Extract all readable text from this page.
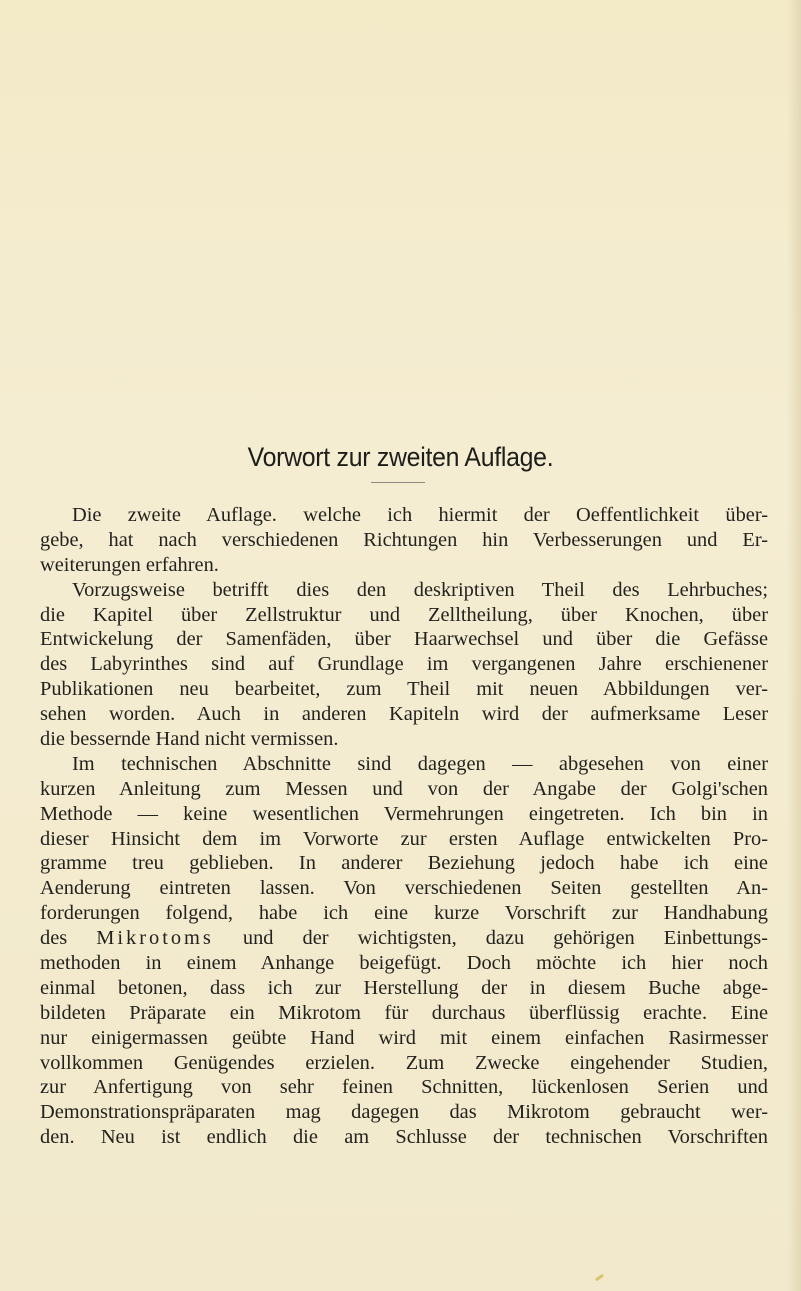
Vorwort zur zweiten Auflage.
Die zweite Auflage. welche ich hiermit der Oeffentlichkeit über-
gebe, hat nach verschiedenen Richtungen hin Verbesserungen und Er-
weiterungen erfahren.
Vorzugsweise betrifft dies den deskriptiven Theil des Lehrbuches;
die Kapitel über Zellstruktur und Zelltheilung, über Knochen, über
Entwickelung der Samenfäden, über Haarwechsel und über die Gefässe
des Labyrinthes sind auf Grundlage im vergangenen Jahre erschienener
Publikationen neu bearbeitet, zum Theil mit neuen Abbildungen ver-
sehen worden. Auch in anderen Kapiteln wird der aufmerksame Leser
die bessernde Hand nicht vermissen.
Im technischen Abschnitte sind dagegen — abgesehen von einer
kurzen Anleitung zum Messen und von der Angabe der Golgi'schen
Methode — keine wesentlichen Vermehrungen eingetreten. Ich bin in
dieser Hinsicht dem im Vorworte zur ersten Auflage entwickelten Pro-
gramme treu geblieben. In anderer Beziehung jedoch habe ich eine
Aenderung eintreten lassen. Von verschiedenen Seiten gestellten An-
forderungen folgend, habe ich eine kurze Vorschrift zur Handhabung
des Mikrotoms und der wichtigsten, dazu gehörigen Einbettungs-
methoden in einem Anhange beigefügt. Doch möchte ich hier noch
einmal betonen, dass ich zur Herstellung der in diesem Buche abge-
bildeten Präparate ein Mikrotom für durchaus überflüssig erachte. Eine
nur einigermassen geübte Hand wird mit einem einfachen Rasirmesser
vollkommen Genügendes erzielen. Zum Zwecke eingehender Studien,
zur Anfertigung von sehr feinen Schnitten, lückenlosen Serien und
Demonstrationspräparaten mag dagegen das Mikrotom gebraucht wer-
den. Neu ist endlich die am Schlusse der technischen Vorschriften
